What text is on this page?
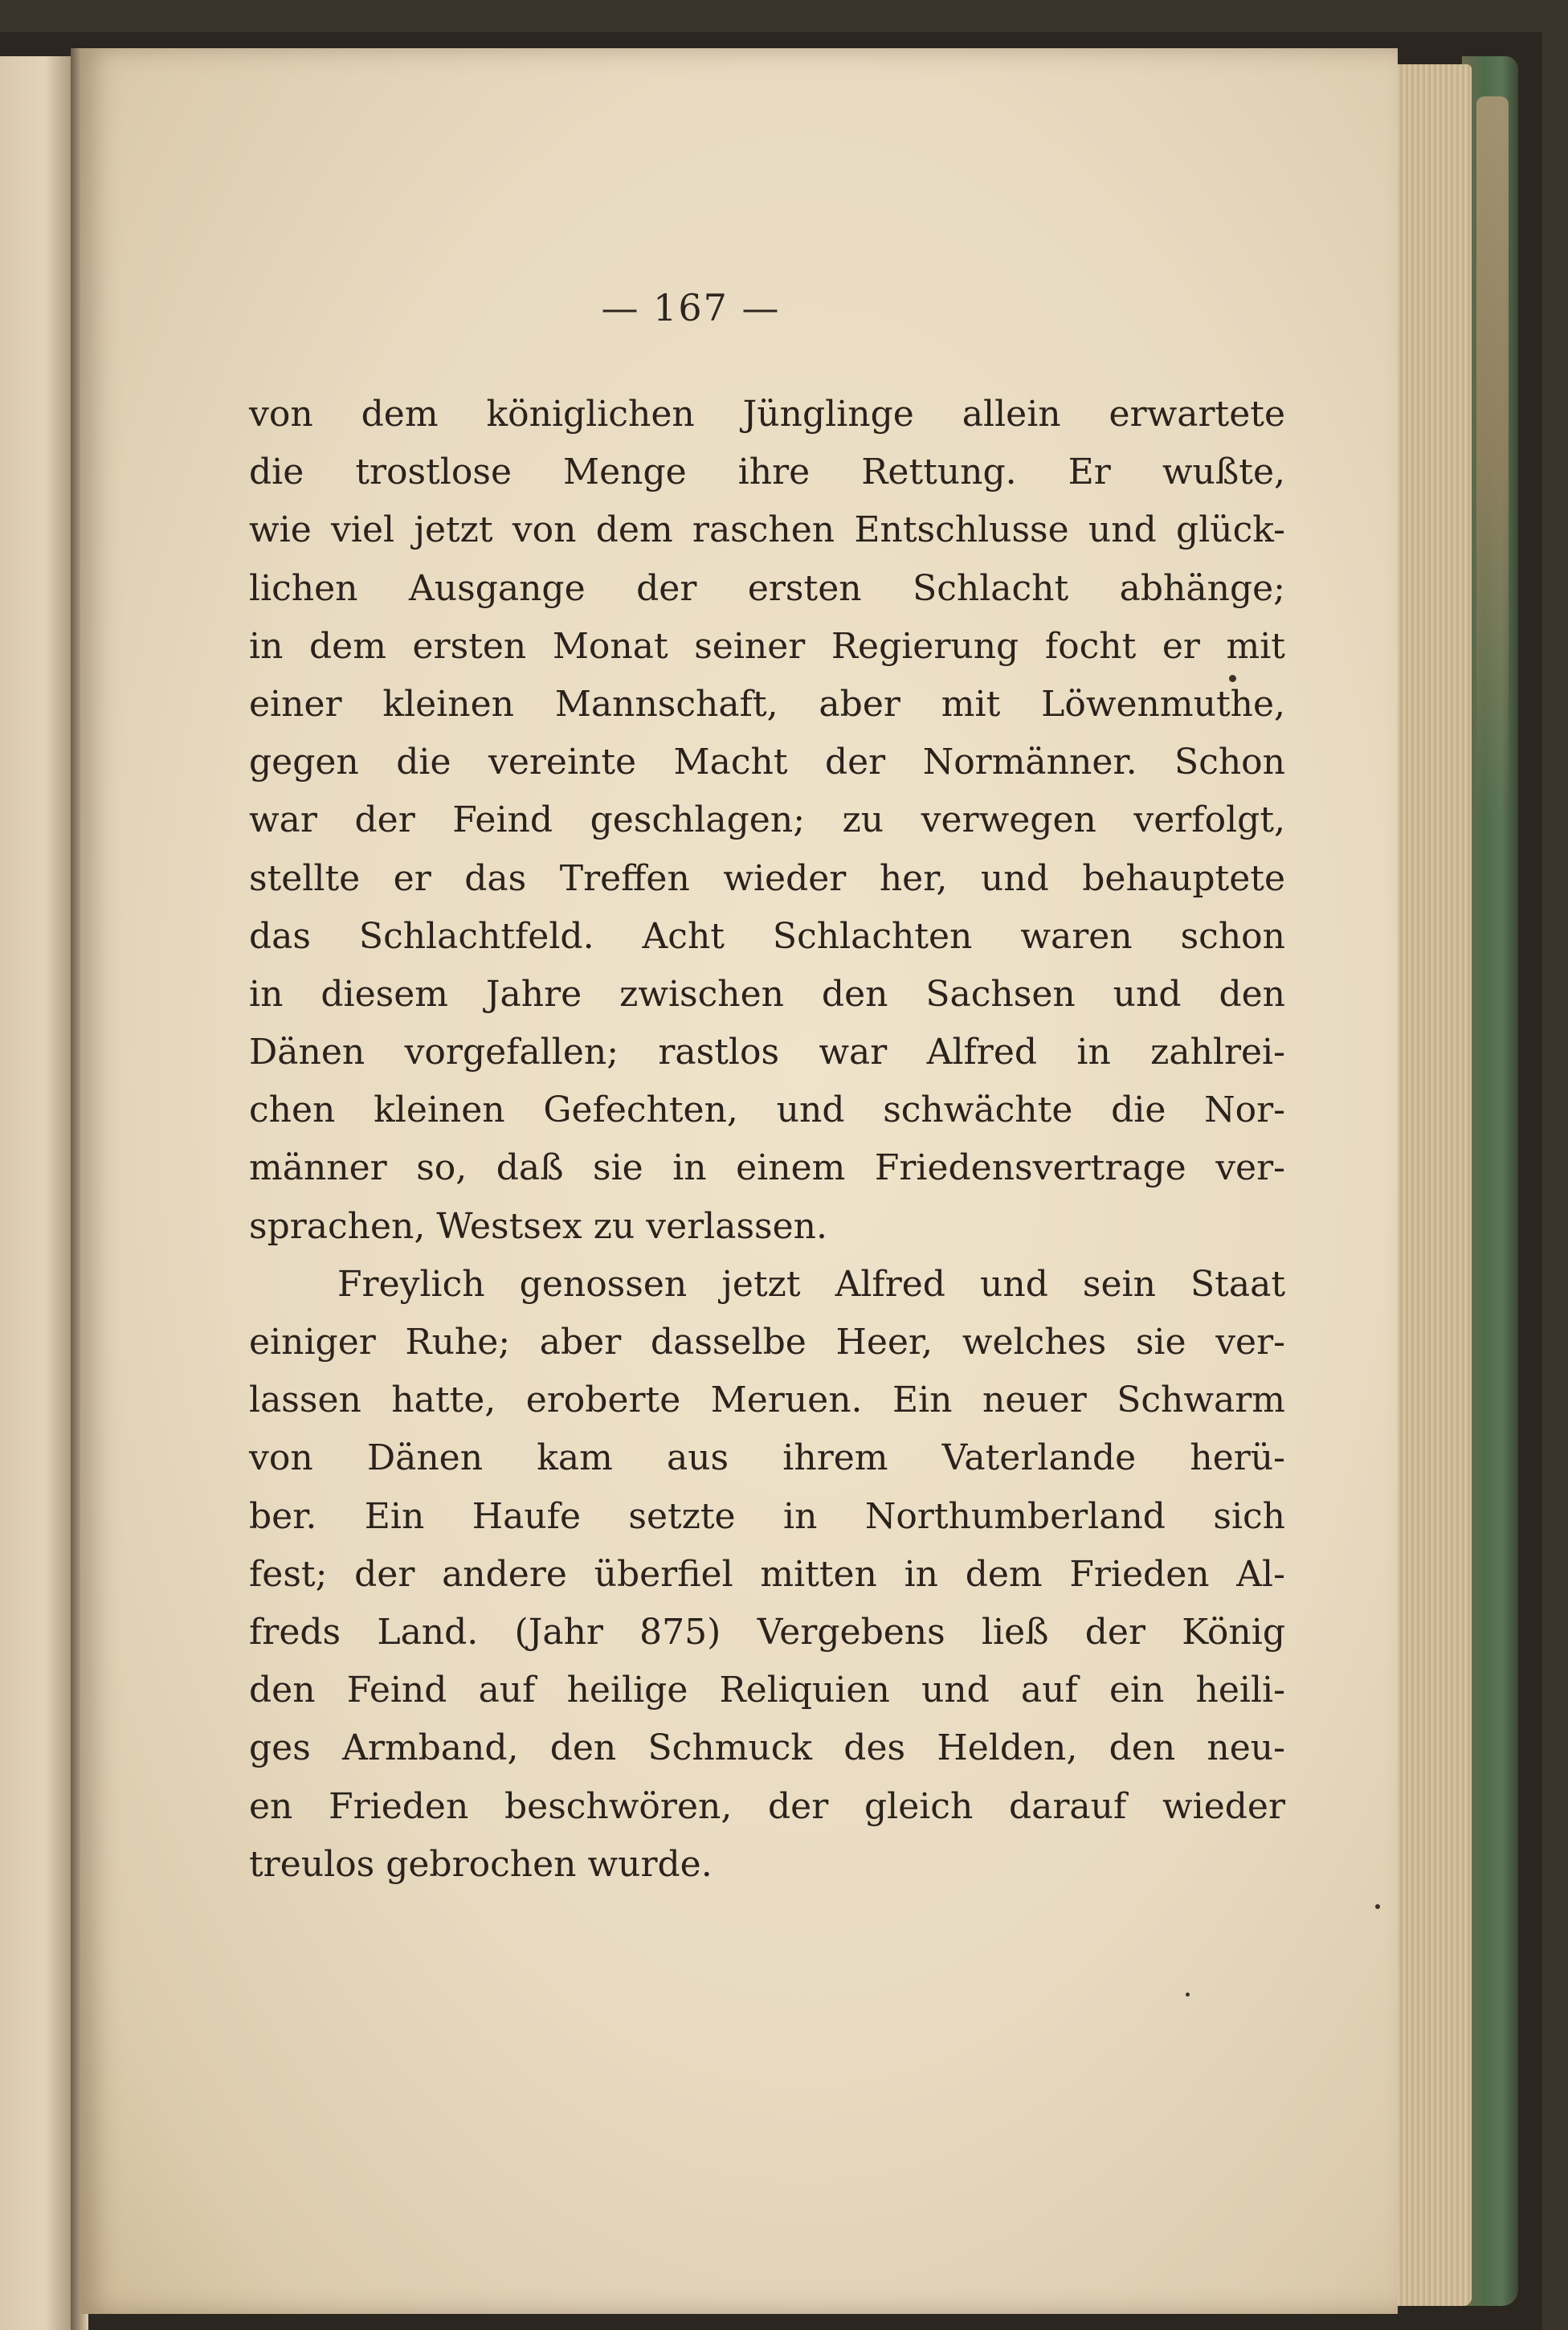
— 167 —
von dem königlichen Jünglinge allein erwartete
die trostlose Menge ihre Rettung. Er wußte,
wie viel jetzt von dem raschen Entschlusse und glück-
lichen Ausgange der ersten Schlacht abhänge;
in dem ersten Monat seiner Regierung focht er mit
einer kleinen Mannschaft, aber mit Löwenmuthe,
gegen die vereinte Macht der Normänner. Schon
war der Feind geschlagen; zu verwegen verfolgt,
stellte er das Treffen wieder her, und behauptete
das Schlachtfeld. Acht Schlachten waren schon
in diesem Jahre zwischen den Sachsen und den
Dänen vorgefallen; rastlos war Alfred in zahlrei-
chen kleinen Gefechten, und schwächte die Nor-
männer so, daß sie in einem Friedensvertrage ver-
sprachen, Westsex zu verlassen.
Freylich genossen jetzt Alfred und sein Staat
einiger Ruhe; aber dasselbe Heer, welches sie ver-
lassen hatte, eroberte Meruen. Ein neuer Schwarm
von Dänen kam aus ihrem Vaterlande herü-
ber. Ein Haufe setzte in Northumberland sich
fest; der andere überfiel mitten in dem Frieden Al-
freds Land. (Jahr 875) Vergebens ließ der König
den Feind auf heilige Reliquien und auf ein heili-
ges Armband, den Schmuck des Helden, den neu-
en Frieden beschwören, der gleich darauf wieder
treulos gebrochen wurde.
